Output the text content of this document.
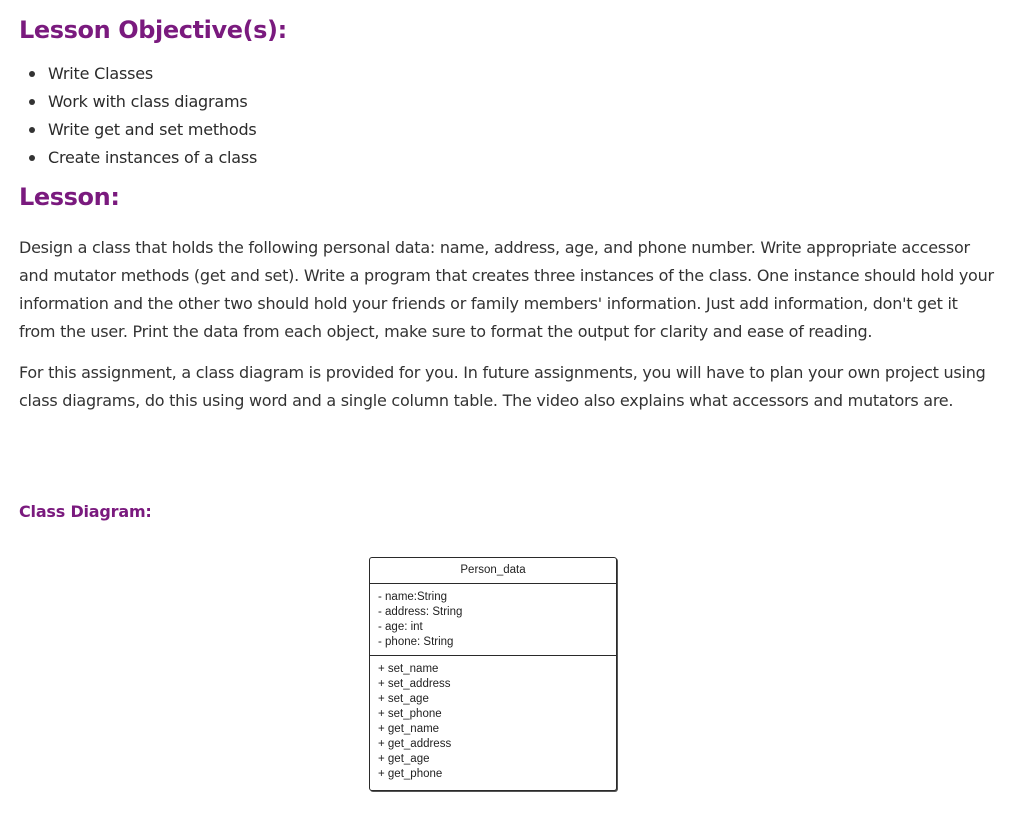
Lesson Objective(s):
Write Classes
Work with class diagrams
Write get and set methods
Create instances of a class
Lesson:

Design a class that holds the following personal data: name, address, age, and phone number. Write appropriate accessor and mutator methods (get and set). Write a program that creates three instances of the class. One instance should hold your information and the other two should hold your friends or family members' information. Just add information, don't get it from the user. Print the data from each object, make sure to format the output for clarity and ease of reading.

For this assignment, a class diagram is provided for you. In future assignments, you will have to plan your own project using class diagrams, do this using word and a single column table. The video also explains what accessors and mutators are.

Class Diagram:
Person_data
- name:String
- address: String
- age: int
- phone: String
+ set_name
+ set_address
+ set_age
+ set_phone
+ get_name
+ get_address
+ get_age
+ get_phone
